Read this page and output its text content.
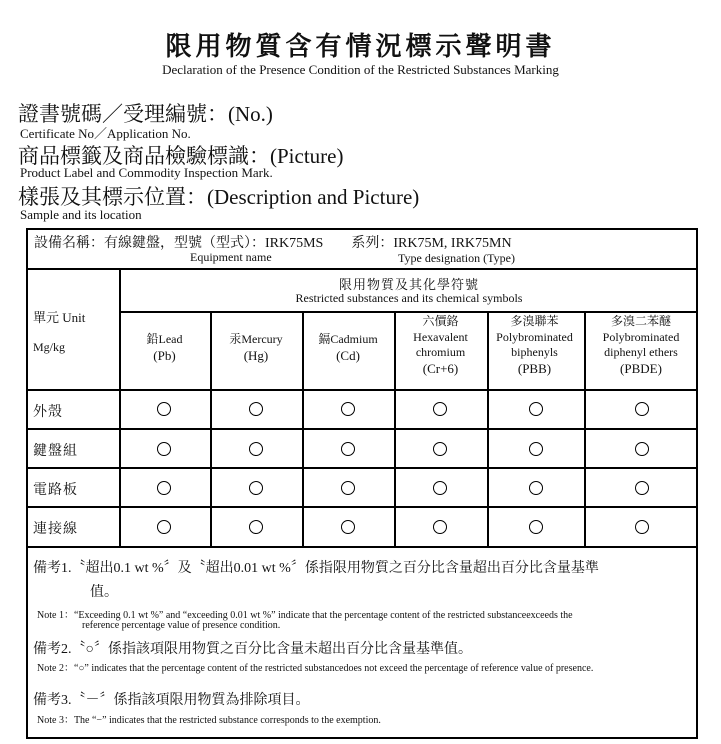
限用物質含有情況標示聲明書
Declaration of the Presence Condition of the Restricted Substances Marking
證書號碼／受理編號：(No.)
Certificate No／Application No.
商品標籤及商品檢驗標識：(Picture)
Product Label and Commodity Inspection Mark.
樣張及其標示位置：(Description and Picture)
Sample and its location
設備名稱：有線鍵盤，型號（型式）：IRK75MS　　系列：IRK75M, IRK75MN
Equipment name	Type designation (Type)
限用物質及其化學符號
Restricted substances and its chemical symbols
單元 Unit
Mg/kg
鉛Lead
(Pb)
汞Mercury
(Hg)
鎘Cadmium
(Cd)
六價鉻
Hexavalent chromium
(Cr+6)
多溴聯苯
Polybrominated biphenyls
(PBB)
多溴二苯醚
Polybrominated diphenyl ethers
(PBDE)
外殼
鍵盤組
電路板
連接線
備考1.〝超出0.1 wt %〞及〝超出0.01 wt %〞係指限用物質之百分比含量超出百分比含量基準
值。
Note 1：“Exceeding 0.1 wt %” and “exceeding 0.01 wt %” indicate that the percentage content of the restricted substanceexceeds the
reference percentage value of presence condition.
備考2.〝○〞係指該項限用物質之百分比含量未超出百分比含量基準值。
Note 2：“○” indicates that the percentage content of the restricted substancedoes not exceed the percentage of reference value of presence.
備考3.〝－〞係指該項限用物質為排除項目。
Note 3：The “−” indicates that the restricted substance corresponds to the exemption.
